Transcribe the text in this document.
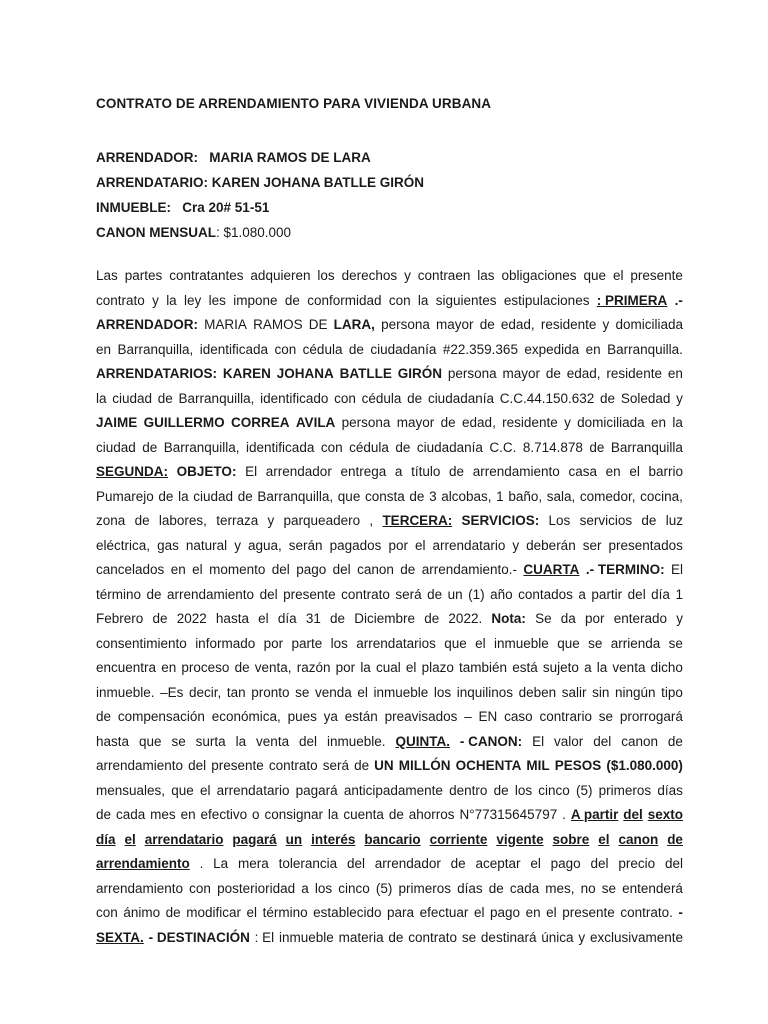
CONTRATO DE ARRENDAMIENTO PARA VIVIENDA URBANA
ARRENDADOR: MARIA RAMOS DE LARA
ARRENDATARIO: KAREN JOHANA BATLLE GIRÓN
INMUEBLE: Cra 20# 51-51
CANON MENSUAL: $1.080.000
Las partes contratantes adquieren los derechos y contraen las obligaciones que el presente
contrato y la ley les impone de conformidad con la siguientes estipulaciones : PRIMERA .-
ARRENDADOR: MARIA RAMOS DE LARA, persona mayor de edad, residente y domiciliada
en Barranquilla, identificada con cédula de ciudadanía #22.359.365 expedida en Barranquilla.
ARRENDATARIOS: KAREN JOHANA BATLLE GIRÓN persona mayor de edad, residente en
la ciudad de Barranquilla, identificado con cédula de ciudadanía C.C.44.150.632 de Soledad y
JAIME GUILLERMO CORREA AVILA persona mayor de edad, residente y domiciliada en la
ciudad de Barranquilla, identificada con cédula de ciudadanía C.C. 8.714.878 de Barranquilla
SEGUNDA: OBJETO: El arrendador entrega a título de arrendamiento casa en el barrio
Pumarejo de la ciudad de Barranquilla, que consta de 3 alcobas, 1 baño, sala, comedor, cocina,
zona de labores, terraza y parqueadero , TERCERA: SERVICIOS: Los servicios de luz
eléctrica, gas natural y agua, serán pagados por el arrendatario y deberán ser presentados
cancelados en el momento del pago del canon de arrendamiento.- CUARTA .- TERMINO: El
término de arrendamiento del presente contrato será de un (1) año contados a partir del día 1
Febrero de 2022 hasta el día 31 de Diciembre de 2022. Nota: Se da por enterado y
consentimiento informado por parte los arrendatarios que el inmueble que se arrienda se
encuentra en proceso de venta, razón por la cual el plazo también está sujeto a la venta dicho
inmueble. –Es decir, tan pronto se venda el inmueble los inquilinos deben salir sin ningún tipo
de compensación económica, pues ya están preavisados – EN caso contrario se prorrogará
hasta que se surta la venta del inmueble. QUINTA. - CANON: El valor del canon de
arrendamiento del presente contrato será de UN MILLÓN OCHENTA MIL PESOS ($1.080.000)
mensuales, que el arrendatario pagará anticipadamente dentro de los cinco (5) primeros días
de cada mes en efectivo o consignar la cuenta de ahorros N°77315645797 . A partir del sexto
día el arrendatario pagará un interés bancario corriente vigente sobre el canon de
arrendamiento . La mera tolerancia del arrendador de aceptar el pago del precio del
arrendamiento con posterioridad a los cinco (5) primeros días de cada mes, no se entenderá
con ánimo de modificar el término establecido para efectuar el pago en el presente contrato. -
SEXTA. - DESTINACIÓN : El inmueble materia de contrato se destinará única y exclusivamente
